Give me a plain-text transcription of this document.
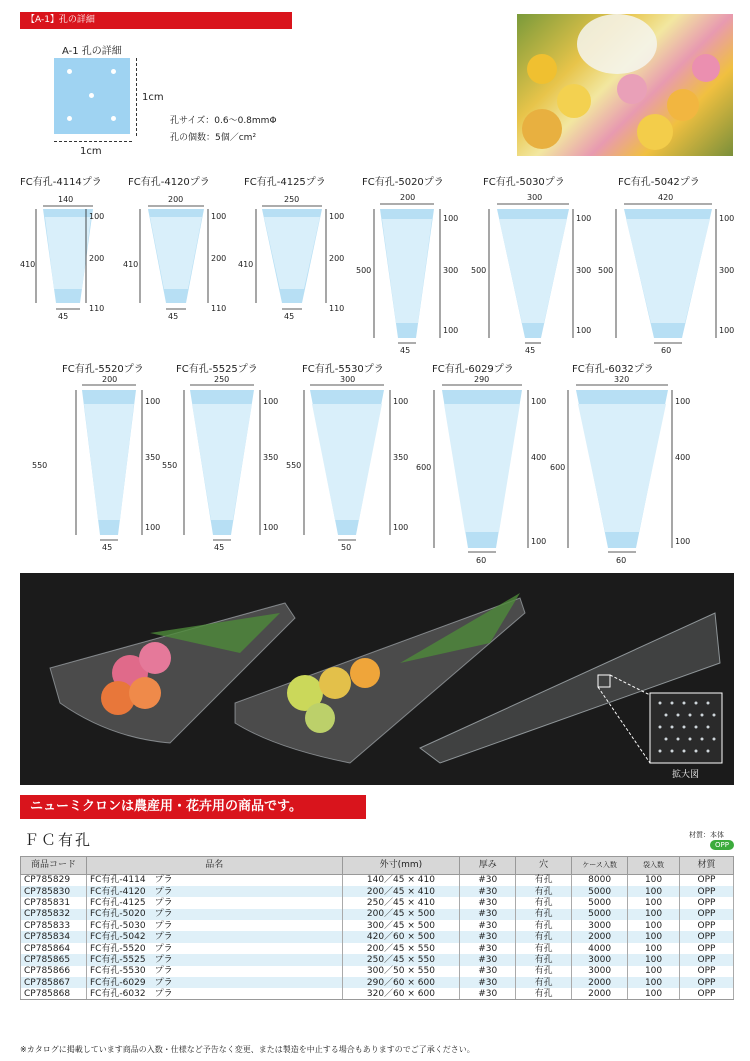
【A-1】孔の詳細
A-1 孔の詳細
1cm
1cm
孔サイズ：0.6〜0.8mmΦ
孔の個数：5個／cm²
FC有孔-4114プラ
140
45
410
100
200
110
FC有孔-4120プラ
200
45
410
100
200
110
FC有孔-4125プラ
250
45
410
100
200
110
FC有孔-5020プラ
200
45
500
100
300
100
FC有孔-5030プラ
300
45
500
100
300
100
FC有孔-5042プラ
420
60
500
100
300
100
FC有孔-5520プラ
200
45
550
100
350
100
FC有孔-5525プラ
250
45
550
100
350
100
FC有孔-5530プラ
300
50
550
100
350
100
FC有孔-6029プラ
290
60
600
100
400
100
FC有孔-6032プラ
320
60
600
100
400
100
拡大図
ニューミクロンは農産用・花卉用の商品です。
ＦＣ有孔	材質：本体
OPP
商品コード	品名	外寸(mm)	厚み	穴	ケース入数	袋入数	材質
CP785829	FC有孔-4114　プラ	140／45 × 410	#30	有孔	8000	100	OPP
CP785830	FC有孔-4120　プラ	200／45 × 410	#30	有孔	5000	100	OPP
CP785831	FC有孔-4125　プラ	250／45 × 410	#30	有孔	5000	100	OPP
CP785832	FC有孔-5020　プラ	200／45 × 500	#30	有孔	5000	100	OPP
CP785833	FC有孔-5030　プラ	300／45 × 500	#30	有孔	3000	100	OPP
CP785834	FC有孔-5042　プラ	420／60 × 500	#30	有孔	2000	100	OPP
CP785864	FC有孔-5520　プラ	200／45 × 550	#30	有孔	4000	100	OPP
CP785865	FC有孔-5525　プラ	250／45 × 550	#30	有孔	3000	100	OPP
CP785866	FC有孔-5530　プラ	300／50 × 550	#30	有孔	3000	100	OPP
CP785867	FC有孔-6029　プラ	290／60 × 600	#30	有孔	2000	100	OPP
CP785868	FC有孔-6032　プラ	320／60 × 600	#30	有孔	2000	100	OPP
※カタログに掲載しています商品の入数・仕様など予告なく変更、または製造を中止する場合もありますのでご了承ください。
